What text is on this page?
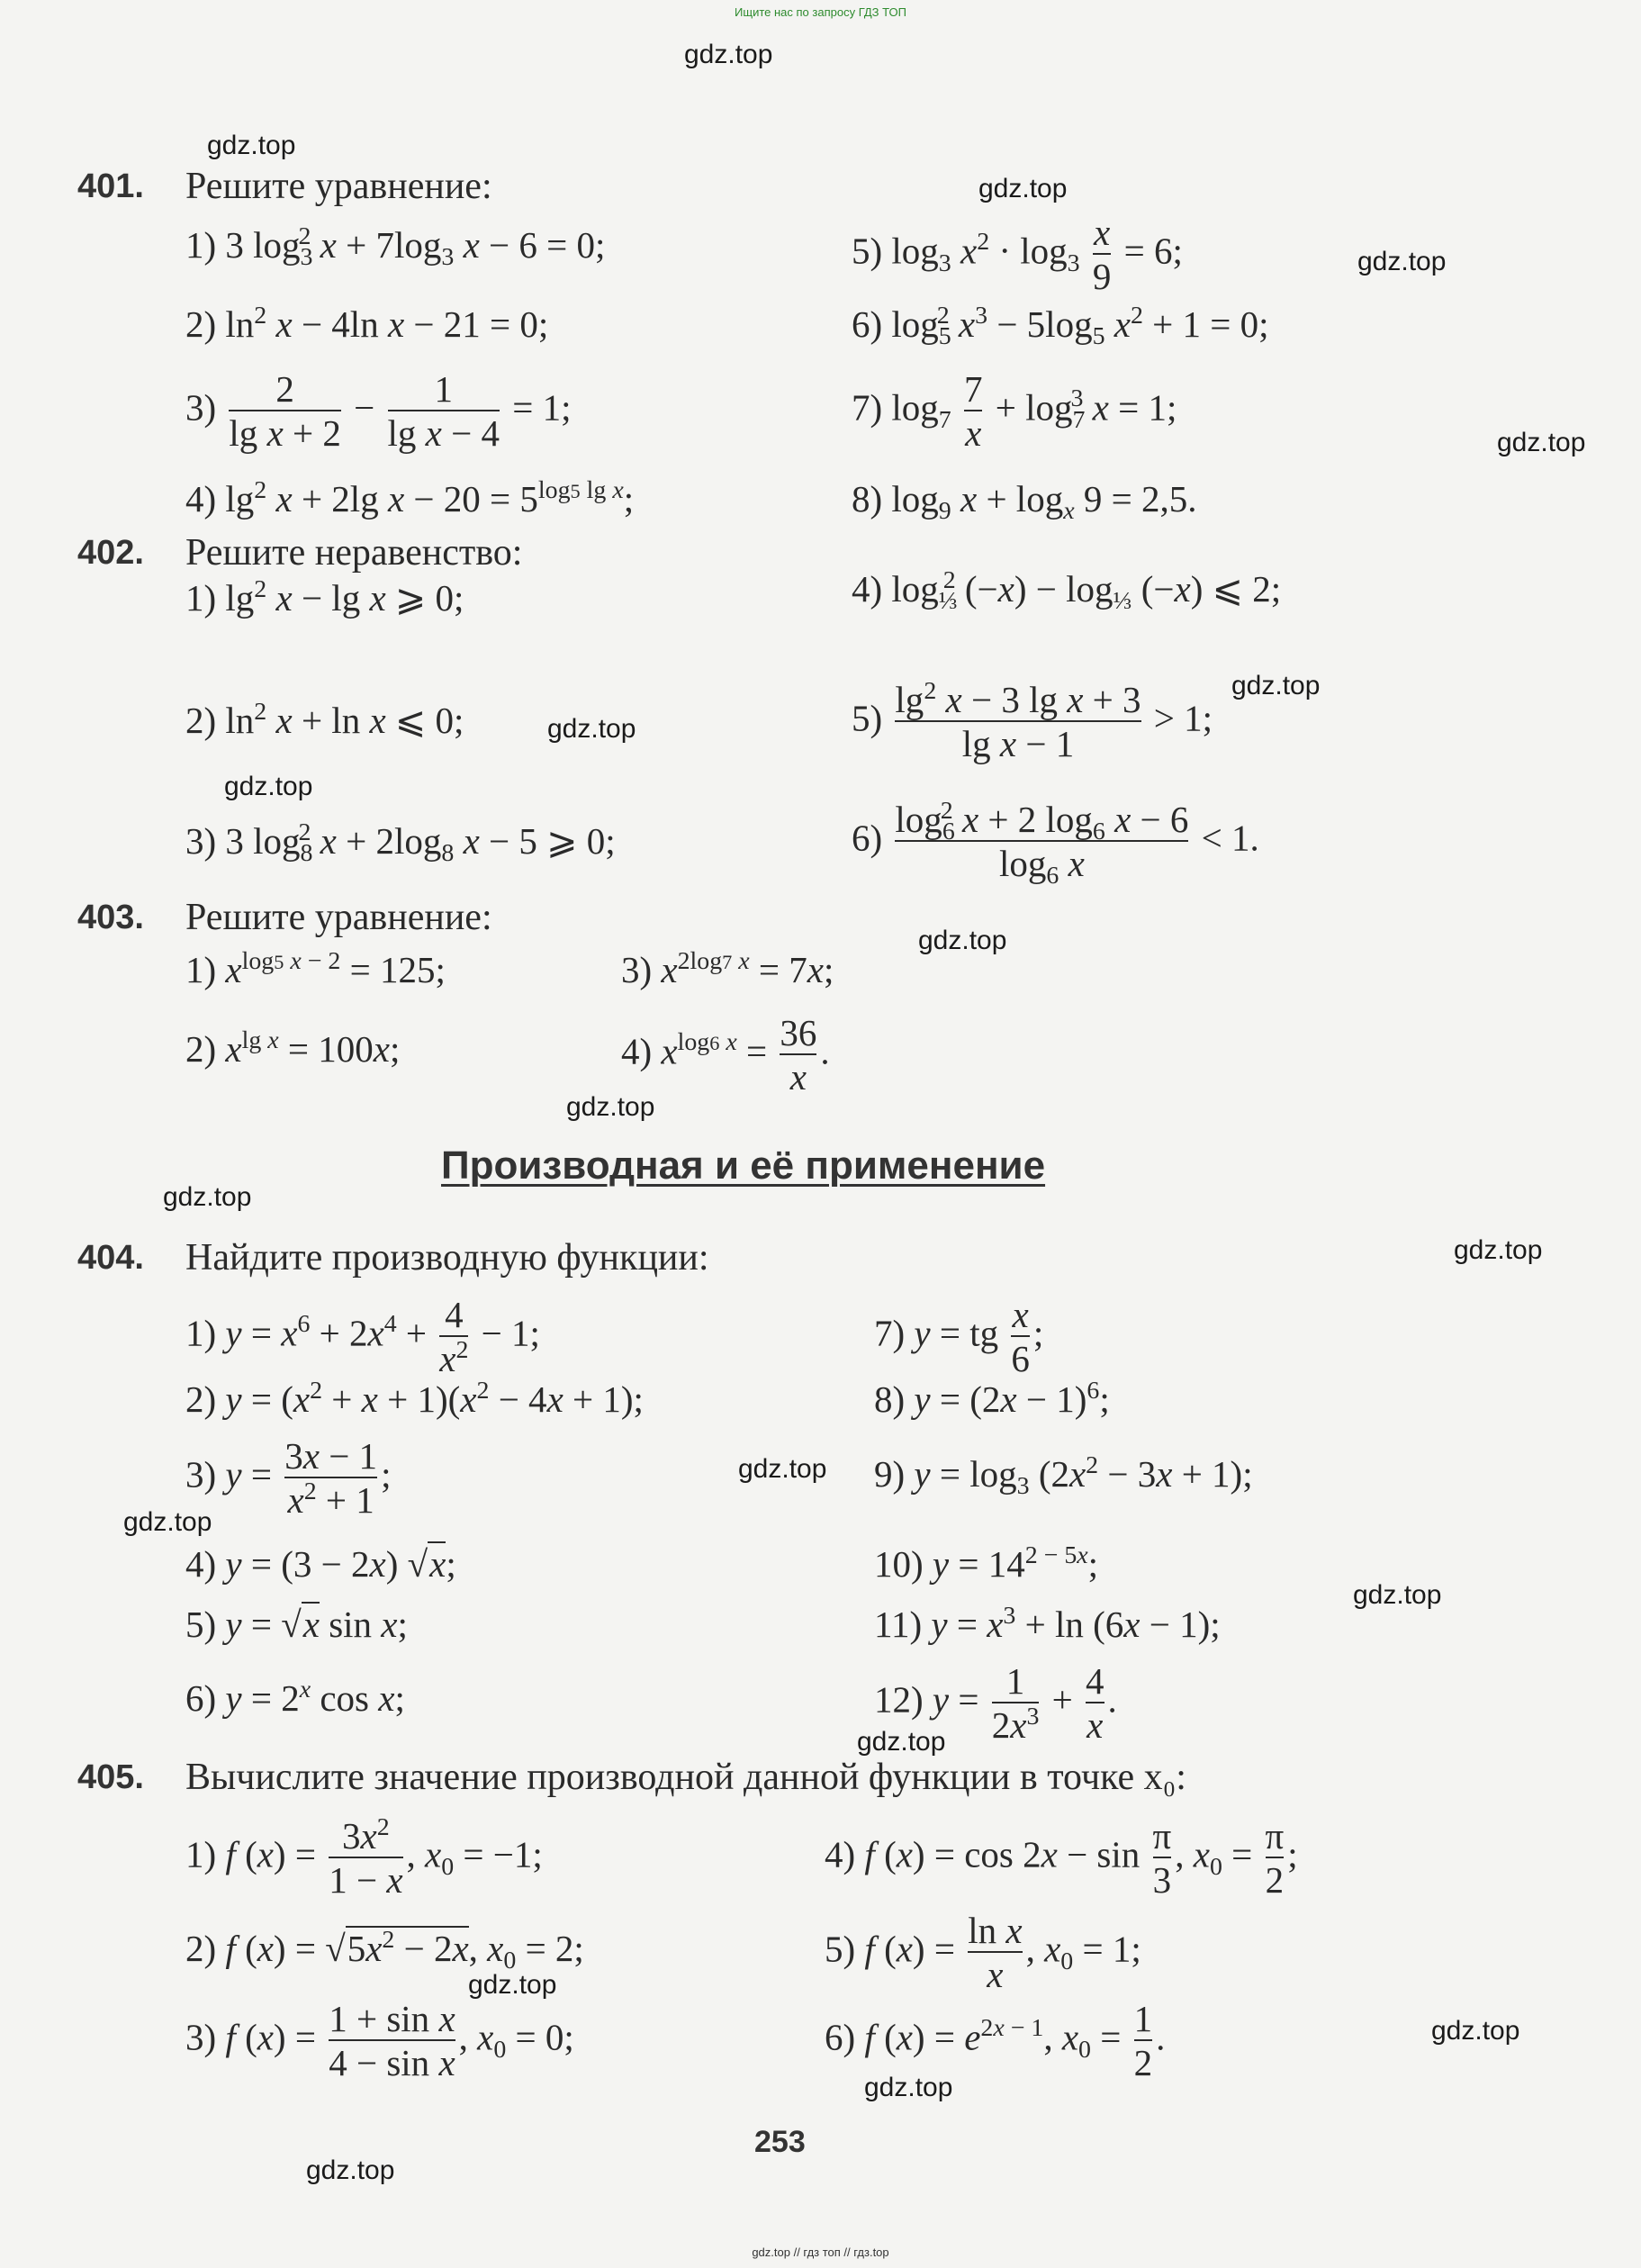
Ищите нас по запросу ГДЗ ТОП
gdz.top // гдз топ // гдз.top
gdz.top
gdz.top
gdz.top
gdz.top
gdz.top
gdz.top
gdz.top
gdz.top
gdz.top
gdz.top
gdz.top
gdz.top
gdz.top
gdz.top
gdz.top
gdz.top
gdz.top
gdz.top
gdz.top
gdz.top
401. Решите уравнение:
1) 3 $\log_3^2 x + 7\log_3$ x − 6 = 0;	5) $\log_3 x^2 \cdot \log_3 \frac{x}{9} = 6$;
2) $\ln^2 x - 4\ln$ x − 21 = 0;	6) $\log_5^2 x^3 - 5\log_5$ $x^2 + 1 = 0$;
$3) \frac{2}{\text{lg x + 2}} - \frac{1}{\text{lg x − 4}} = 1$;	7) $\log_7 \frac{7}{x} + \log_7^3 x = 1$;
4) $\lg^2 x + 2\lg$ $x - 20 = 5^{log5 lg x}$;	8) $\log_9 x + \log_x 9 = 2,5$.
402. Решите неравенство:
1) $\lg^2 x - \lg x$ ⩾ 0;	4) $\log_{\frac{1}{3}}^2 (-x) - \log_{\frac{1}{3}} (-x)$ ⩽ 2;
2) $\ln^2 x + \ln x$ ⩽ 0;	$5) \frac{\lg^2 x - 3 \lg x + 3}{\text{lg x − 1}} > 1$;
3) 3 $\log_8^2 x + 2\log_8$ x − 5 ⩾ 0;	$6) \frac{\log_6^2 x + 2 \log_6 x - 6}{\log_6 x} < 1$.
403. Решите уравнение:
1) $x^{log5 x - 2} = 125$;	3) $x^{2log7 x} = 7x$;
2) $x^{lg x} = 100x$;	4) $x^{log6 x} = \frac{36}{x}$ .
Производная и её применение
404. Найдите производную функции:
1) $y = x^6 + 2x^4 + \frac{4}{x^2} - 1$;	7) y = tg $\frac{x}{6}$ ;
2) $y = (x^2 + x + 1)(x^2 - 4x + 1)$;	8) $y = (2x - 1)^6$;
3) $y = \frac{3x - 1}{x^2 + 1}$ ;	9) $y = \log_3 (2x^2 - 3x + 1)$;
4) y = (3 − 2x) √x;	10) $y = 14^{2 - 5x}$;
5) y = √x sin x;	11) $y = x^3 + \ln (6x - 1)$;
6) $y = 2^x$ cos x;	12) $y = \frac{1}{2x^3} + \frac{4}{x}$ .
405. Вычислите значение производной данной функции в точке x₀:
1) f $(x) = \frac{3x^2}{1 - x}$ , $x_0 = -1$;	4) f $(x) = \cos 2x - \sin \frac{\pi}{3}$ , $x_0 = \frac{\pi}{2}$ ;
2) f $(x) = √5x^2 - 2x$, $x_0 = 2$;	5) f $(x) = \frac{\text{ln x}}{x}$ , $x_0 = 1$;
3) f $(x) = \frac{\text{1 + sin x}}{\text{4 − sin x}}$ , $x_0 = 0$;	6) f $(x) = e^{2x - 1}$, $x_0 = \frac{1}{2}$ .
253
